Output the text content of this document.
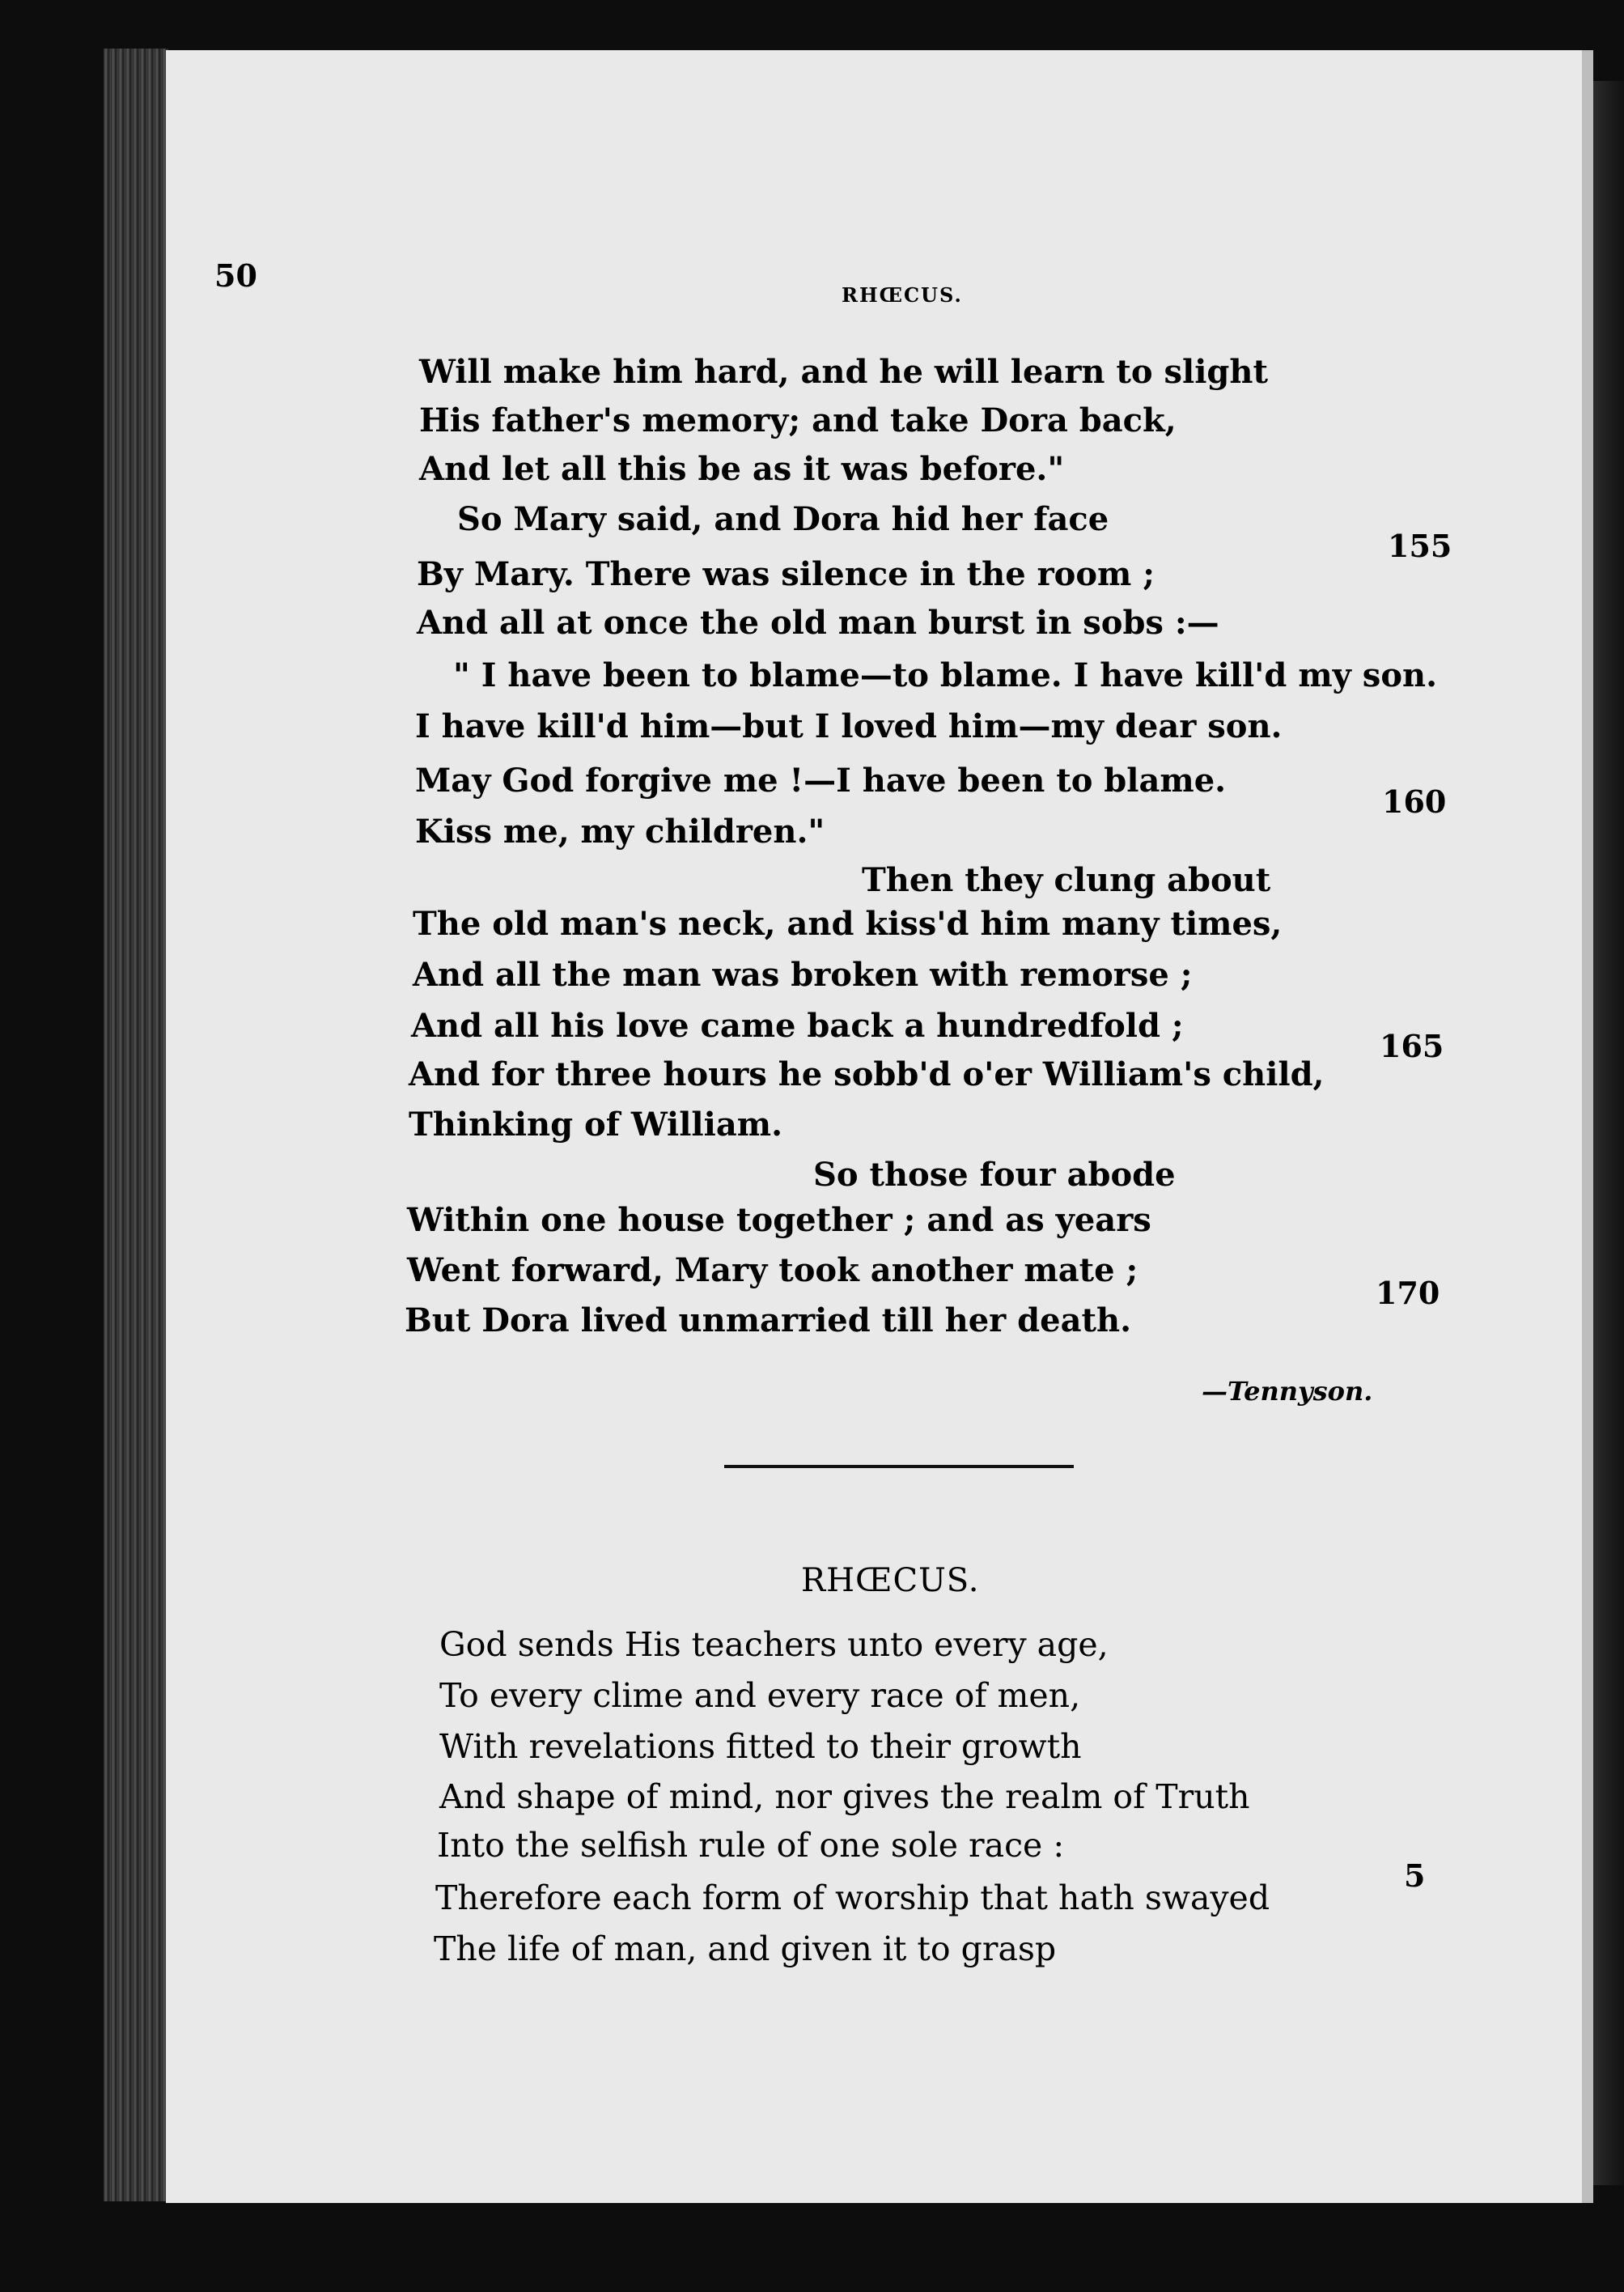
50
RHŒCUS.
Will make him hard, and he will learn to slight
His father's memory; and take Dora back,
And let all this be as it was before."
So Mary said, and Dora hid her face
155
By Mary. There was silence in the room ;
And all at once the old man burst in sobs :—
" I have been to blame—to blame. I have kill'd my son.
I have kill'd him—but I loved him—my dear son.
May God forgive me !—I have been to blame.
160
Kiss me, my children."
Then they clung about
The old man's neck, and kiss'd him many times,
And all the man was broken with remorse ;
And all his love came back a hundredfold ;
165
And for three hours he sobb'd o'er William's child,
Thinking of William.
So those four abode
Within one house together ; and as years
Went forward, Mary took another mate ;
170
But Dora lived unmarried till her death.
—Tennyson.
RHŒCUS.
God sends His teachers unto every age,
To every clime and every race of men,
With revelations fitted to their growth
And shape of mind, nor gives the realm of Truth
Into the selfish rule of one sole race :
5
Therefore each form of worship that hath swayed
The life of man, and given it to grasp
